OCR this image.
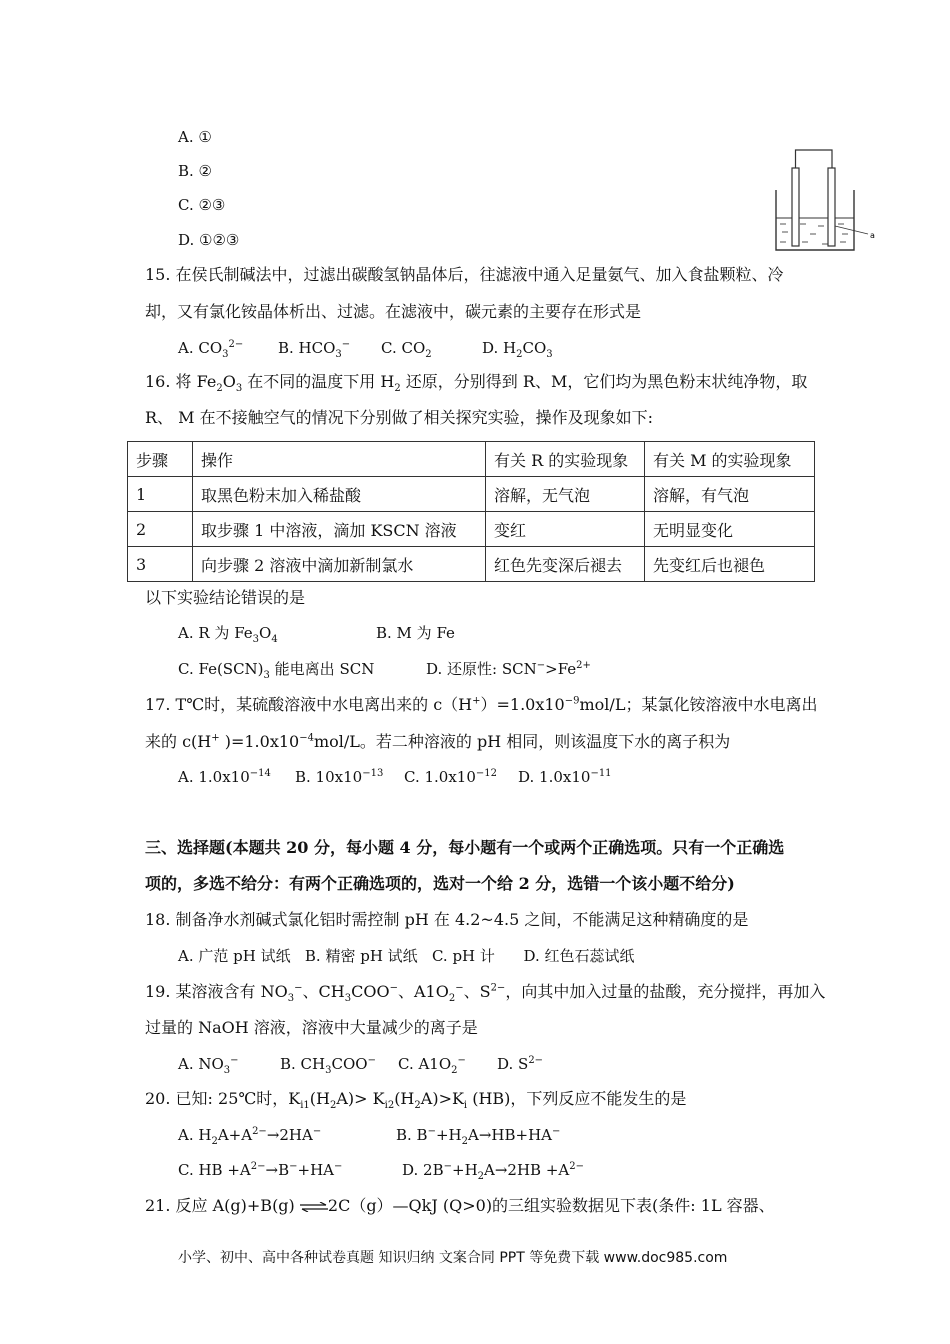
A. ①
B. ②
C. ②③
D. ①②③	a
15. 在侯氏制碱法中，过滤出碳酸氢钠晶体后，往滤液中通入足量氨气、加入食盐颗粒、冷
却，又有氯化铵晶体析出、过滤。在滤液中，碳元素的主要存在形式是
A. $CO_3^{2-}$ B. $HCO_3^-$ C. $CO_2$	D. $H_2CO_3$
16. 将 $Fe_2O_3$ 在不同的温度下用 $H_2$ 还原，分别得到 R、M，它们均为黑色粉末状纯净物，取
R、 M 在不接触空气的情况下分别做了相关探究实验，操作及现象如下:
步骤	操作	有关 R 的实验现象	有关 M 的实验现象
1	取黑色粉末加入稀盐酸	溶解，无气泡	溶解，有气泡
2	取步骤 1 中溶液，滴加 KSCN 溶液	变红	无明显变化
3	向步骤 2 溶液中滴加新制氯水	红色先变深后褪去	先变红后也褪色
以下实验结论错误的是
A. R 为 $Fe_3O_4$	B. M 为 Fe
C. $Fe(SCN)_3$ 能电离出 SCN	D. 还原性: $SCN^->Fe^{2+}$
17. T℃时，某硫酸溶液中水电离出来的 $c(H^+)=1.0x10^{-9}mol/L$；某氯化铵溶液中水电离出
来的 c(H+ )$=1.0x10^{-4}mol/L$。若二种溶液的 pH 相同，则该温度下水的离子积为
A. $1.0x10^{-14}$ B. $10x10^{-13}$ C. $1.0x10^{-12}$ D. $1.0x10^{-11}$
三、选择题(本题共 20 分，每小题 4 分，每小题有一个或两个正确选项。只有一个正确选
项的，多选不给分：有两个正确选项的，选对一个给 2 分，选错一个该小题不给分)
18. 制备净水剂碱式氯化铝时需控制 pH 在 4.2~4.5 之间，不能满足这种精确度的是
A. 广范 pH 试纸   B. 精密 pH 试纸   C. pH 计      D. 红色石蕊试纸
19. 某溶液含有 $NO_3^-$、$CH_3COO^-$、$A1O_2^-$、$S^{2-}$，向其中加入过量的盐酸，充分搅拌，再加入
过量的 NaOH 溶液，溶液中大量减少的离子是
A. $NO_3^-$	B. $CH_3COO^-$ C. $A1O_2^-$ D. $S^{2-}$
20. 已知: 25℃时，$K_{i1}(H_2A)> K_{i2}(H_2A)>K_i$ (HB)，下列反应不能发生的是
A. $H_2A+A^{2-}\to 2HA^-$	B. $B^-+H_2A\to HB+HA^-$
C. HB $+A^{2-}\to B^-+HA^-$	D. $2B^-+H_2A\to 2HB +A^{2-}$
21. 反应 A(g)+B(g) ⇌2C（g）—QkJ (Q>0)的三组实验数据见下表(条件: 1L 容器、
小学、初中、高中各种试卷真题 知识归纳 文案合同 PPT 等免费下载 www.doc985.com
